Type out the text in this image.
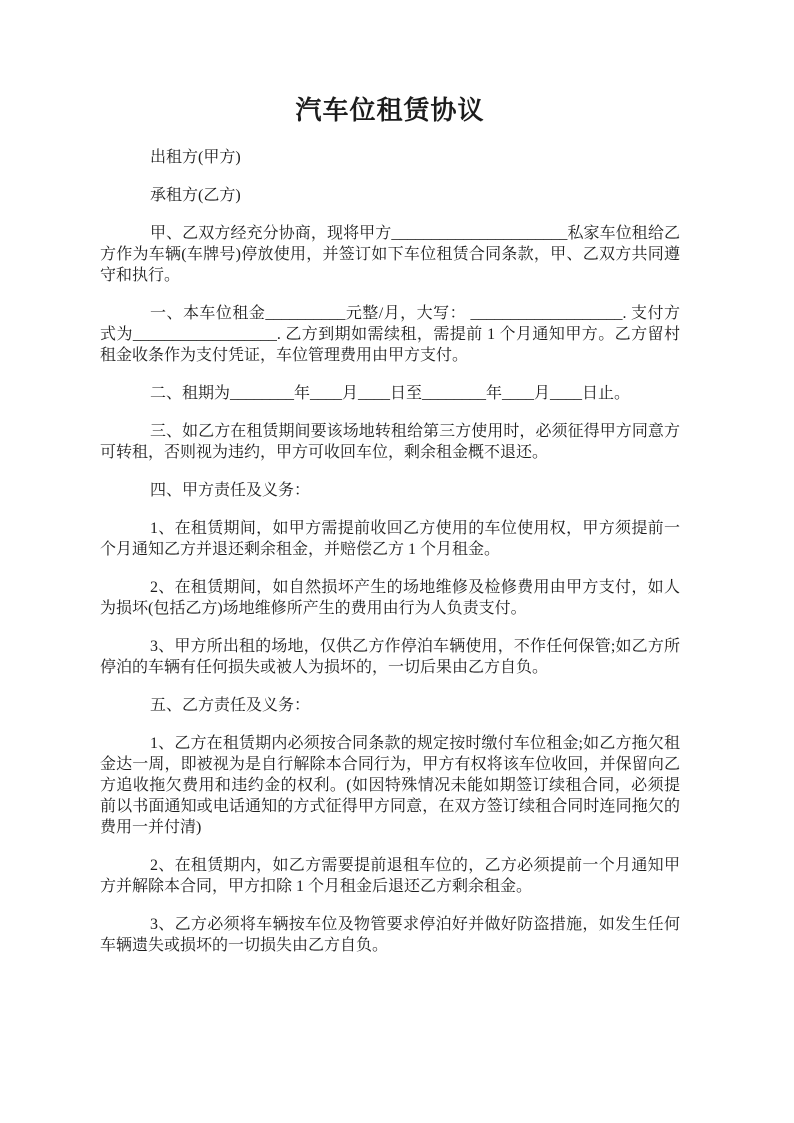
汽车位租赁协议

出租方(甲方)

承租方(乙方)

甲、乙双方经充分协商，现将甲方______________________私家车位租给乙方作为车辆(车牌号)停放使用，并签订如下车位租赁合同条款，甲、乙双方共同遵守和执行。

一、本车位租金__________元整/月，大写： ___________________. 支付方式为__________________. 乙方到期如需续租，需提前 1 个月通知甲方。乙方留村租金收条作为支付凭证，车位管理费用由甲方支付。

二、租期为________年____月____日至________年____月____日止。

三、如乙方在租赁期间要该场地转租给第三方使用时，必须征得甲方同意方可转租，否则视为违约，甲方可收回车位，剩余租金概不退还。

四、甲方责任及义务：

1、在租赁期间，如甲方需提前收回乙方使用的车位使用权，甲方须提前一个月通知乙方并退还剩余租金，并赔偿乙方 1 个月租金。

2、在租赁期间，如自然损坏产生的场地维修及检修费用由甲方支付，如人为损坏(包括乙方)场地维修所产生的费用由行为人负责支付。

3、甲方所出租的场地，仅供乙方作停泊车辆使用，不作任何保管;如乙方所停泊的车辆有任何损失或被人为损坏的，一切后果由乙方自负。

五、乙方责任及义务：

1、乙方在租赁期内必须按合同条款的规定按时缴付车位租金;如乙方拖欠租金达一周，即被视为是自行解除本合同行为，甲方有权将该车位收回，并保留向乙方追收拖欠费用和违约金的权利。(如因特殊情况未能如期签订续租合同，必须提前以书面通知或电话通知的方式征得甲方同意，在双方签订续租合同时连同拖欠的费用一并付清)

2、在租赁期内，如乙方需要提前退租车位的，乙方必须提前一个月通知甲方并解除本合同，甲方扣除 1 个月租金后退还乙方剩余租金。

3、乙方必须将车辆按车位及物管要求停泊好并做好防盗措施，如发生任何车辆遗失或损坏的一切损失由乙方自负。
